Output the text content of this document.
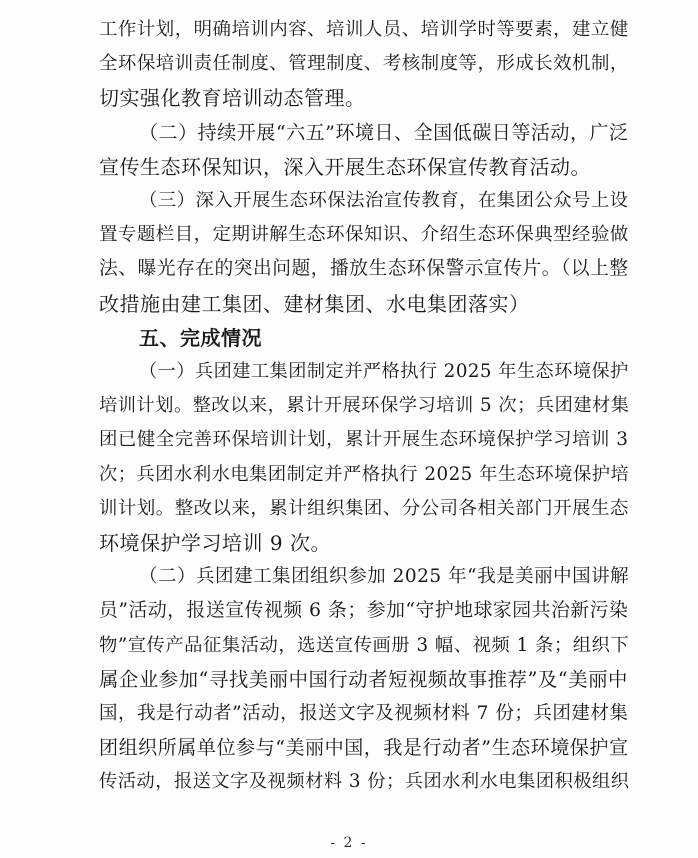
工作计划，明确培训内容、培训人员、培训学时等要素，建立健
全环保培训责任制度、管理制度、考核制度等，形成长效机制，
切实强化教育培训动态管理。
（二）持续开展“六五”环境日、全国低碳日等活动，广泛
宣传生态环保知识，深入开展生态环保宣传教育活动。
（三）深入开展生态环保法治宣传教育，在集团公众号上设
置专题栏目，定期讲解生态环保知识、介绍生态环保典型经验做
法、曝光存在的突出问题，播放生态环保警示宣传片。（以上整
改措施由建工集团、建材集团、水电集团落实）
五、完成情况
（一）兵团建工集团制定并严格执行 2025 年生态环境保护
培训计划。整改以来，累计开展环保学习培训 5 次；兵团建材集
团已健全完善环保培训计划，累计开展生态环境保护学习培训 3
次；兵团水利水电集团制定并严格执行 2025 年生态环境保护培
训计划。整改以来，累计组织集团、分公司各相关部门开展生态
环境保护学习培训 9 次。
（二）兵团建工集团组织参加 2025 年“我是美丽中国讲解
员”活动，报送宣传视频 6 条；参加“守护地球家园共治新污染
物”宣传产品征集活动，选送宣传画册 3 幅、视频 1 条；组织下
属企业参加“寻找美丽中国行动者短视频故事推荐”及“美丽中
国，我是行动者”活动，报送文字及视频材料 7 份；兵团建材集
团组织所属单位参与“美丽中国，我是行动者”生态环境保护宣
传活动，报送文字及视频材料 3 份；兵团水利水电集团积极组织
- 2 -
